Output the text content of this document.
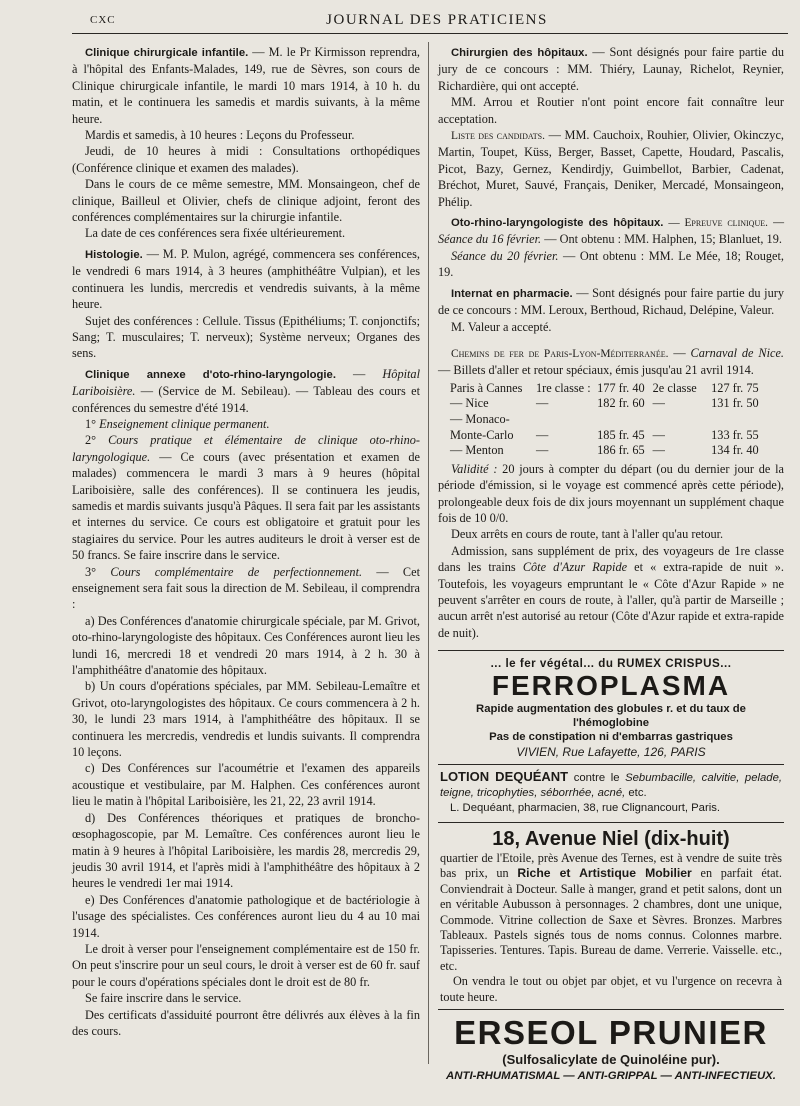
CXC	JOURNAL DES PRATICIENS

Clinique chirurgicale infantile. — M. le Pr Kirmisson reprendra, à l'hôpital des Enfants-Malades, 149, rue de Sèvres, son cours de Clinique chirurgicale infantile, le mardi 10 mars 1914, à 10 h. du matin, et le continuera les samedis et mardis suivants, à la même heure.

Mardis et samedis, à 10 heures : Leçons du Professeur.

Jeudi, de 10 heures à midi : Consultations orthopédiques (Conférence clinique et examen des malades).

Dans le cours de ce même semestre, MM. Monsaingeon, chef de clinique, Bailleul et Olivier, chefs de clinique adjoint, feront des conférences complémentaires sur la chirurgie infantile.

La date de ces conférences sera fixée ultérieurement.

Histologie. — M. P. Mulon, agrégé, commencera ses conférences, le vendredi 6 mars 1914, à 3 heures (amphithéâtre Vulpian), et les continuera les lundis, mercredis et vendredis suivants, à la même heure.

Sujet des conférences : Cellule. Tissus (Epithéliums; T. conjonctifs; Sang; T. musculaires; T. nerveux); Système nerveux; Organes des sens.

Clinique annexe d'oto-rhino-laryngologie. — Hôpital Lariboisière. — (Service de M. Sebileau). — Tableau des cours et conférences du semestre d'été 1914.

1° Enseignement clinique permanent.

2° Cours pratique et élémentaire de clinique oto-rhino-laryngologique. — Ce cours (avec présentation et examen de malades) commencera le mardi 3 mars à 9 heures (hôpital Lariboisière, salle des conférences). Il se continuera les jeudis, samedis et mardis suivants jusqu'à Pâques. Il sera fait par les assistants et internes du service. Ce cours est obligatoire et gratuit pour les stagiaires du service. Pour les autres auditeurs le droit à verser est de 50 francs. Se faire inscrire dans le service.

3° Cours complémentaire de perfectionnement. — Cet enseignement sera fait sous la direction de M. Sebileau, il comprendra :

a) Des Conférences d'anatomie chirurgicale spéciale, par M. Grivot, oto-rhino-laryngologiste des hôpitaux. Ces Conférences auront lieu les lundi 16, mercredi 18 et vendredi 20 mars 1914, à 2 h. 30 à l'amphithéâtre d'anatomie des hôpitaux.

b) Un cours d'opérations spéciales, par MM. Sebileau-Lemaître et Grivot, oto-laryngologistes des hôpitaux. Ce cours commencera à 2 h. 30, le lundi 23 mars 1914, à l'amphithéâtre des hôpitaux. Il se continuera les mercredis, vendredis et lundis suivants. Il comprendra 10 leçons.

c) Des Conférences sur l'acoumétrie et l'examen des appareils acoustique et vestibulaire, par M. Halphen. Ces conférences auront lieu le matin à l'hôpital Lariboisière, les 21, 22, 23 avril 1914.

d) Des Conférences théoriques et pratiques de broncho-œsophagoscopie, par M. Lemaître. Ces conférences auront lieu le matin à 9 heures à l'hôpital Lariboisière, les mardis 28, mercredis 29, jeudis 30 avril 1914, et l'après midi à l'amphithéâtre des hôpitaux à 2 heures le vendredi 1er mai 1914.

e) Des Conférences d'anatomie pathologique et de bactériologie à l'usage des spécialistes. Ces conférences auront lieu du 4 au 10 mai 1914.

Le droit à verser pour l'enseignement complémentaire est de 150 fr. On peut s'inscrire pour un seul cours, le droit à verser est de 60 fr. sauf pour le cours d'opérations spéciales dont le droit est de 80 fr.

Se faire inscrire dans le service.

Des certificats d'assiduité pourront être délivrés aux élèves à la fin des cours.

Chirurgien des hôpitaux. — Sont désignés pour faire partie du jury de ce concours : MM. Thiéry, Launay, Richelot, Reynier, Richardière, qui ont accepté.

MM. Arrou et Routier n'ont point encore fait connaître leur acceptation.

Liste des candidats. — MM. Cauchoix, Rouhier, Olivier, Okinczyc, Martin, Toupet, Küss, Berger, Basset, Capette, Houdard, Pascalis, Picot, Bazy, Gernez, Kendirdjy, Guimbellot, Barbier, Cadenat, Bréchot, Muret, Sauvé, Français, Deniker, Mercadé, Monsaingeon, Phélip.

Oto-rhino-laryngologiste des hôpitaux. — Epreuve clinique. — Séance du 16 février. — Ont obtenu : MM. Halphen, 15; Blanluet, 19.

Séance du 20 février. — Ont obtenu : MM. Le Mée, 18; Rouget, 19.

Internat en pharmacie. — Sont désignés pour faire partie du jury de ce concours : MM. Leroux, Berthoud, Richaud, Delépine, Valeur.

M. Valeur a accepté.

Chemins de fer de Paris-Lyon-Méditerranée. — Carnaval de Nice. — Billets d'aller et retour spéciaux, émis jusqu'au 21 avril 1914.

Paris à Cannes	1re classe :	177 fr. 40	2e classe	127 fr. 75
— Nice	—	182 fr. 60	—	131 fr. 50
— Monaco-				
Monte-Carlo	—	185 fr. 45	—	133 fr. 55
— Menton	—	186 fr. 65	—	134 fr. 40

Validité : 20 jours à compter du départ (ou du dernier jour de la période d'émission, si le voyage est commencé après cette période), prolongeable deux fois de dix jours moyennant un supplément chaque fois de 10 0/0.

Deux arrêts en cours de route, tant à l'aller qu'au retour.

Admission, sans supplément de prix, des voyageurs de 1re classe dans les trains Côte d'Azur Rapide et « extra-rapide de nuit ». Toutefois, les voyageurs empruntant le « Côte d'Azur Rapide » ne peuvent s'arrêter en cours de route, à l'aller, qu'à partir de Marseille ; aucun arrêt n'est autorisé au retour (Côte d'Azur rapide et extra-rapide de nuit).

... le fer végétal... du RUMEX CRISPUS...
FERROPLASMA
Rapide augmentation des globules r. et du taux de l'hémoglobine
Pas de constipation ni d'embarras gastriques
VIVIEN, Rue Lafayette, 126, PARIS
LOTION DEQUÉANT contre le Sebumbacille, calvitie, pelade, teigne, tricophyties, séborrhée, acné, etc.
L. Dequéant, pharmacien, 38, rue Clignancourt, Paris.
18, Avenue Niel (dix-huit)

quartier de l'Etoile, près Avenue des Ternes, est à vendre de suite très bas prix, un Riche et Artistique Mobilier en parfait état. Conviendrait à Docteur. Salle à manger, grand et petit salons, dont un en véritable Aubusson à personnages. 2 chambres, dont une unique, Commode. Vitrine collection de Saxe et Sèvres. Bronzes. Marbres Tableaux. Pastels signés tous de noms connus. Colonnes marbre. Tapisseries. Tentures. Tapis. Bureau de dame. Verrerie. Vaisselle. etc., etc.

On vendra le tout ou objet par objet, et vu l'urgence on recevra à toute heure.

ERSEOL PRUNIER
(Sulfosalicylate de Quinoléine pur).
ANTI-RHUMATISMAL — ANTI-GRIPPAL — ANTI-INFECTIEUX.
